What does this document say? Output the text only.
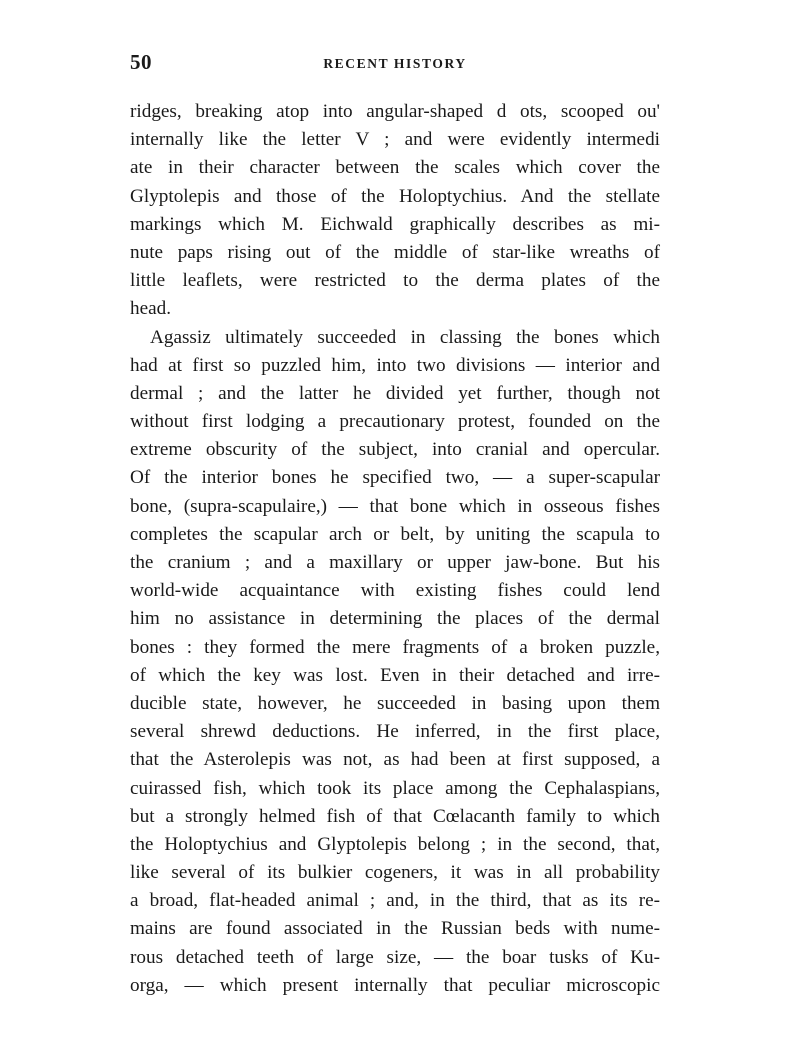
50	RECENT HISTORY
ridges, breaking atop into angular-shaped d ots, scooped ou'
internally like the letter V ; and were evidently intermedi
ate in their character between the scales which cover the
Glyptolepis and those of the Holoptychius. And the stellate
markings which M. Eichwald graphically describes as mi-
nute paps rising out of the middle of star-like wreaths of
little leaflets, were restricted to the derma plates of the
head.
Agassiz ultimately succeeded in classing the bones which
had at first so puzzled him, into two divisions — interior and
dermal ; and the latter he divided yet further, though not
without first lodging a precautionary protest, founded on the
extreme obscurity of the subject, into cranial and opercular.
Of the interior bones he specified two, — a super-scapular
bone, (supra-scapulaire,) — that bone which in osseous fishes
completes the scapular arch or belt, by uniting the scapula to
the cranium ; and a maxillary or upper jaw-bone. But his
world-wide acquaintance with existing fishes could lend
him no assistance in determining the places of the dermal
bones : they formed the mere fragments of a broken puzzle,
of which the key was lost. Even in their detached and irre-
ducible state, however, he succeeded in basing upon them
several shrewd deductions. He inferred, in the first place,
that the Asterolepis was not, as had been at first supposed, a
cuirassed fish, which took its place among the Cephalaspians,
but a strongly helmed fish of that Cœlacanth family to which
the Holoptychius and Glyptolepis belong ; in the second, that,
like several of its bulkier cogeners, it was in all probability
a broad, flat-headed animal ; and, in the third, that as its re-
mains are found associated in the Russian beds with nume-
rous detached teeth of large size, — the boar tusks of Ku-
orga, — which present internally that peculiar microscopic
